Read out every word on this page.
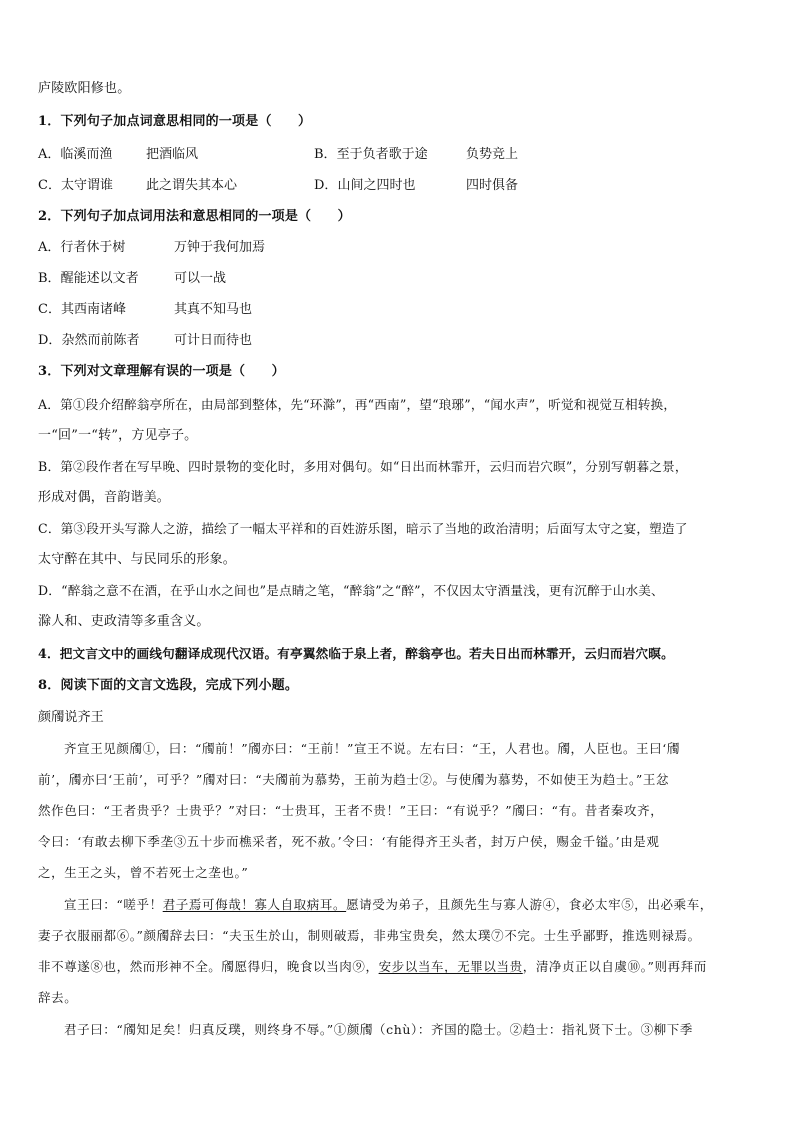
庐陵欧阳修也。
1．下列句子加点词意思相同的一项是（　　）
A．临溪而渔	把酒临风	B．至于负者歌于途	负势竞上
C．太守谓谁	此之谓失其本心	D．山间之四时也	四时俱备
2．下列句子加点词用法和意思相同的一项是（　　）
A．行者休于树	万钟于我何加焉
B．醒能述以文者	可以一战
C．其西南诸峰	其真不知马也
D．杂然而前陈者	可计日而待也
3．下列对文章理解有误的一项是（　　）
A．第①段介绍醉翁亭所在，由局部到整体，先“环滁”，再“西南”，望“琅琊”，“闻水声”，听觉和视觉互相转换，
一“回”一“转”，方见亭子。
B．第②段作者在写早晚、四时景物的变化时，多用对偶句。如“日出而林霏开，云归而岩穴暝”，分别写朝暮之景，
形成对偶，音韵谐美。
C．第③段开头写滁人之游，描绘了一幅太平祥和的百姓游乐图，暗示了当地的政治清明；后面写太守之宴，塑造了
太守醉在其中、与民同乐的形象。
D．“醉翁之意不在酒，在乎山水之间也”是点睛之笔，“醉翁”之“醉”，不仅因太守酒量浅，更有沉醉于山水美、
滁人和、吏政清等多重含义。
4．把文言文中的画线句翻译成现代汉语。有亭翼然临于泉上者，醉翁亭也。若夫日出而林霏开，云归而岩穴暝。
8．阅读下面的文言文选段，完成下列小题。
颜斶说齐王
齐宣王见颜斶①，曰：“斶前！”斶亦曰：“王前！”宣王不说。左右曰：“王，人君也。斶，人臣也。王曰‘斶
前’，斶亦曰‘王前’，可乎？”斶对曰：“夫斶前为慕势，王前为趋士②。与使斶为慕势，不如使王为趋士。”王忿
然作色曰：“王者贵乎？士贵乎？”对曰：“士贵耳，王者不贵！”王曰：“有说乎？”斶曰：“有。昔者秦攻齐，
令曰：‘有敢去柳下季垄③五十步而樵采者，死不赦。’令曰：‘有能得齐王头者，封万户侯，赐金千镒。’由是观
之，生王之头，曾不若死士之垄也。”
宣王曰：“嗟乎！君子焉可侮哉！寡人自取病耳。愿请受为弟子，且颜先生与寡人游④，食必太牢⑤，出必乘车，
妻子衣服丽都⑥。”颜斶辞去曰：“夫玉生於山，制则破焉，非弗宝贵矣，然太璞⑦不完。士生乎鄙野，推选则禄焉。
非不尊遂⑧也，然而形神不全。斶愿得归，晚食以当肉⑨，安步以当车，无罪以当贵，清净贞正以自虞⑩。”则再拜而
辞去。
君子曰：“斶知足矣！归真反璞，则终身不辱。”①颜斶（chù）：齐国的隐士。②趋士：指礼贤下士。③柳下季
